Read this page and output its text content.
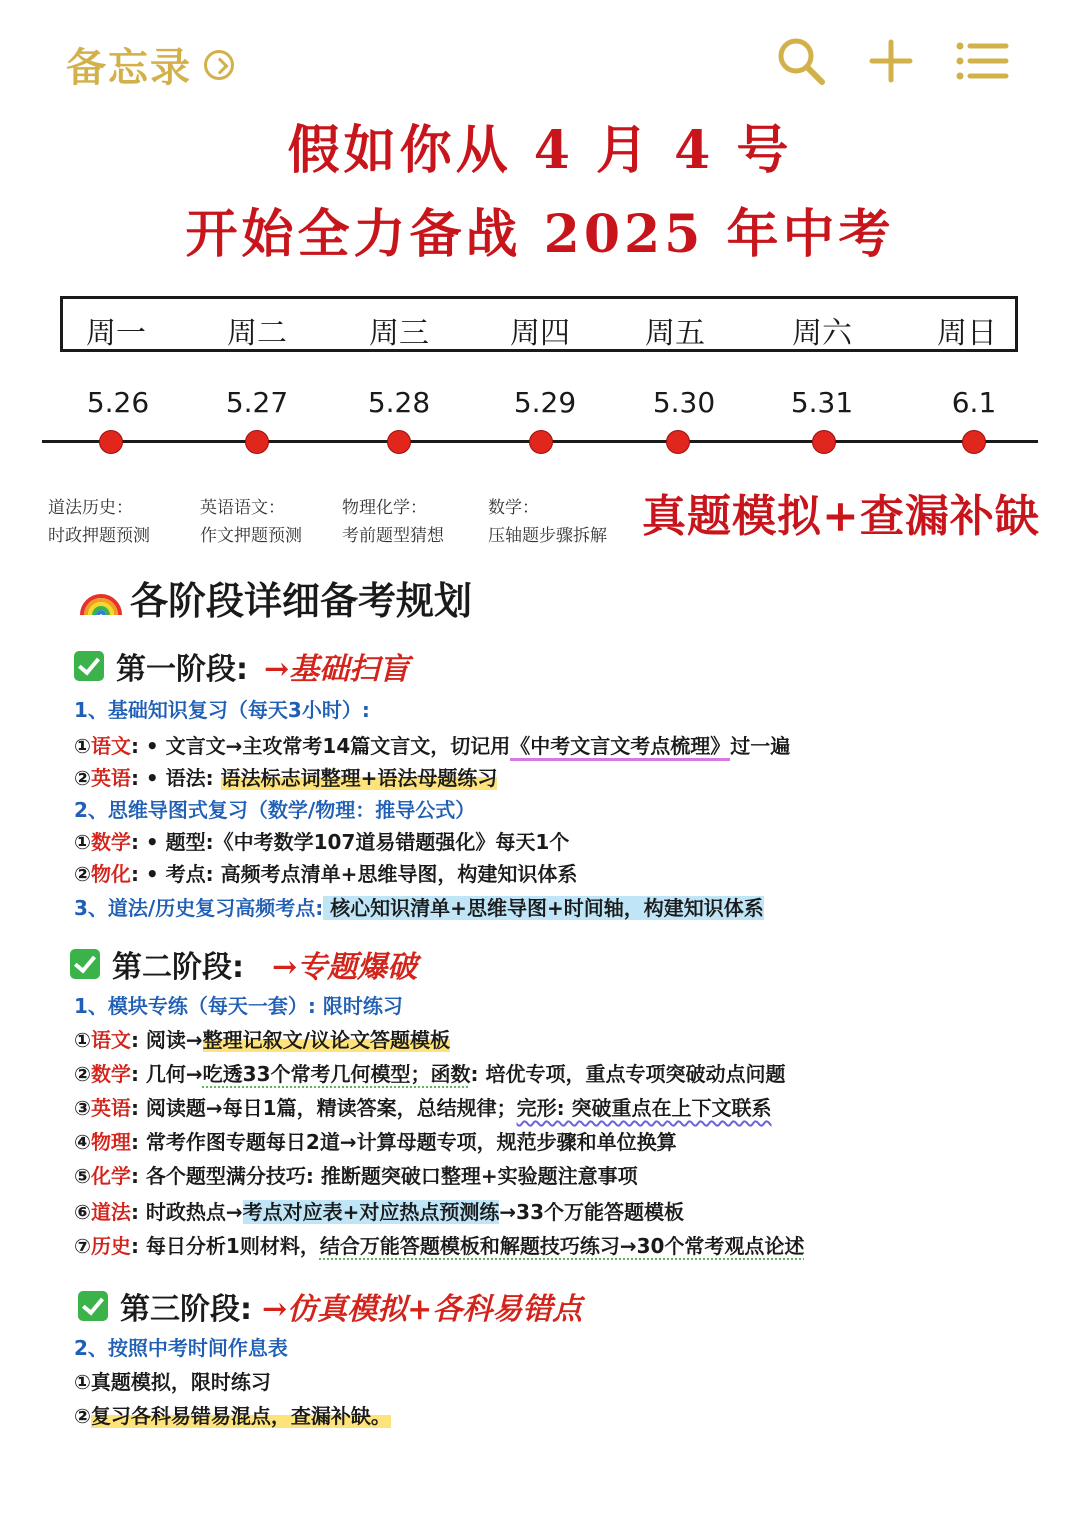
备忘录
假如你从 4 月 4 号
开始全力备战 2025 年中考
周一	周二	周三	周四	周五	周六	周日
5.26	5.27	5.28	5.29	5.30	5.31	6.1
道法历史：
时政押题预测
英语语文：
作文押题预测
物理化学：
考前题型猜想
数学：
压轴题步骤拆解 真题模拟+查漏补缺
各阶段详细备考规划
第一阶段: →基础扫盲
1、基础知识复习（每天3小时）:
①语文: • 文言文→主攻常考14篇文言文，切记用《中考文言文考点梳理》过一遍
②英语: • 语法: 语法标志词整理+语法母题练习
2、思维导图式复习（数学/物理：推导公式）
①数学: • 题型:《中考数学107道易错题强化》每天1个
②物化: • 考点: 高频考点清单+思维导图，构建知识体系
3、道法/历史复习高频考点: 核心知识清单+思维导图+时间轴，构建知识体系
第二阶段: →专题爆破
1、模块专练（每天一套）: 限时练习
①语文: 阅读→整理记叙文/议论文答题模板
②数学: 几何→吃透33个常考几何模型；函数: 培优专项，重点专项突破动点问题
③英语: 阅读题→每日1篇，精读答案，总结规律；完形: 突破重点在上下文联系
④物理: 常考作图专题每日2道→计算母题专项，规范步骤和单位换算
⑤化学: 各个题型满分技巧: 推断题突破口整理+实验题注意事项
⑥道法: 时政热点→考点对应表+对应热点预测练→33个万能答题模板
⑦历史: 每日分析1则材料，结合万能答题模板和解题技巧练习→30个常考观点论述
第三阶段: →仿真模拟+各科易错点
2、按照中考时间作息表
①真题模拟，限时练习
②复习各科易错易混点，查漏补缺。
